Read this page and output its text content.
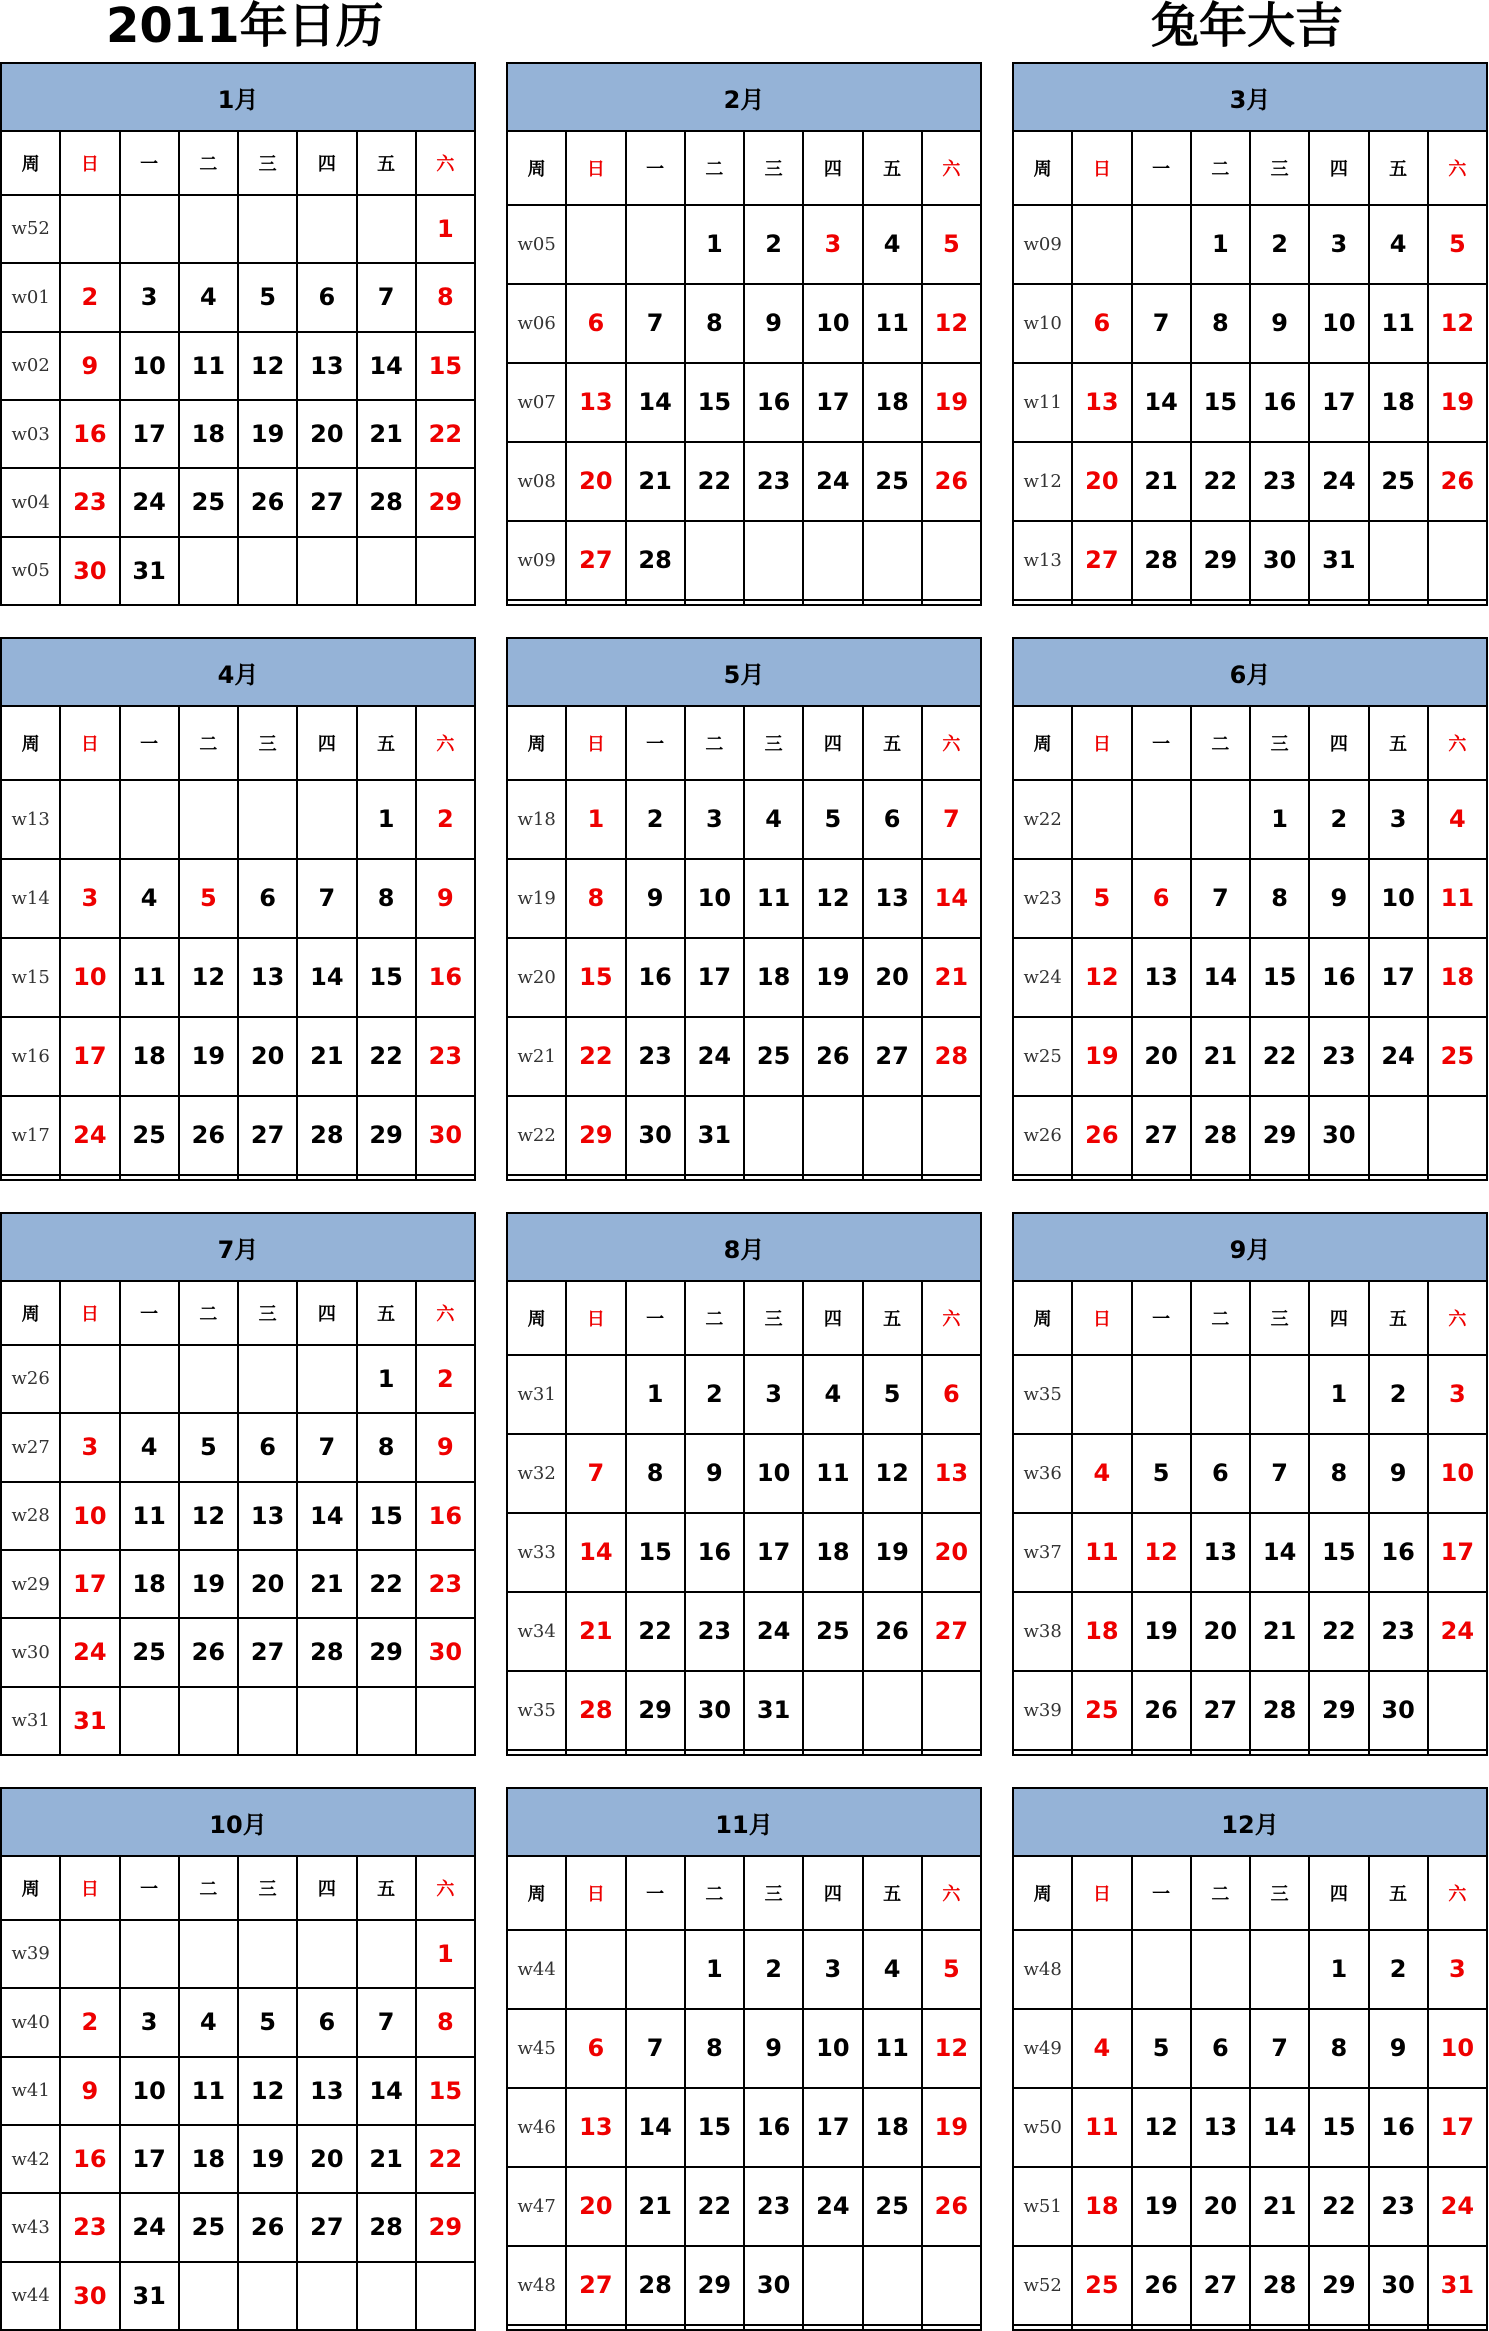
2011年日历	兔年大吉
1月							
周	日	一	二	三	四	五	六
w52							1
w01	2	3	4	5	6	7	8
w02	9	10	11	12	13	14	15
w03	16	17	18	19	20	21	22
w04	23	24	25	26	27	28	29
w05	30	31					
2月							
周	日	一	二	三	四	五	六
w05			1	2	3	4	5
w06	6	7	8	9	10	11	12
w07	13	14	15	16	17	18	19
w08	20	21	22	23	24	25	26
w09	27	28					

3月							
周	日	一	二	三	四	五	六
w09			1	2	3	4	5
w10	6	7	8	9	10	11	12
w11	13	14	15	16	17	18	19
w12	20	21	22	23	24	25	26
w13	27	28	29	30	31		

4月							
周	日	一	二	三	四	五	六
w13						1	2
w14	3	4	5	6	7	8	9
w15	10	11	12	13	14	15	16
w16	17	18	19	20	21	22	23
w17	24	25	26	27	28	29	30

5月							
周	日	一	二	三	四	五	六
w18	1	2	3	4	5	6	7
w19	8	9	10	11	12	13	14
w20	15	16	17	18	19	20	21
w21	22	23	24	25	26	27	28
w22	29	30	31				

6月							
周	日	一	二	三	四	五	六
w22				1	2	3	4
w23	5	6	7	8	9	10	11
w24	12	13	14	15	16	17	18
w25	19	20	21	22	23	24	25
w26	26	27	28	29	30		

7月							
周	日	一	二	三	四	五	六
w26						1	2
w27	3	4	5	6	7	8	9
w28	10	11	12	13	14	15	16
w29	17	18	19	20	21	22	23
w30	24	25	26	27	28	29	30
w31	31						
8月							
周	日	一	二	三	四	五	六
w31		1	2	3	4	5	6
w32	7	8	9	10	11	12	13
w33	14	15	16	17	18	19	20
w34	21	22	23	24	25	26	27
w35	28	29	30	31			

9月							
周	日	一	二	三	四	五	六
w35					1	2	3
w36	4	5	6	7	8	9	10
w37	11	12	13	14	15	16	17
w38	18	19	20	21	22	23	24
w39	25	26	27	28	29	30	

10月							
周	日	一	二	三	四	五	六
w39							1
w40	2	3	4	5	6	7	8
w41	9	10	11	12	13	14	15
w42	16	17	18	19	20	21	22
w43	23	24	25	26	27	28	29
w44	30	31					
11月							
周	日	一	二	三	四	五	六
w44			1	2	3	4	5
w45	6	7	8	9	10	11	12
w46	13	14	15	16	17	18	19
w47	20	21	22	23	24	25	26
w48	27	28	29	30			

12月							
周	日	一	二	三	四	五	六
w48					1	2	3
w49	4	5	6	7	8	9	10
w50	11	12	13	14	15	16	17
w51	18	19	20	21	22	23	24
w52	25	26	27	28	29	30	31
